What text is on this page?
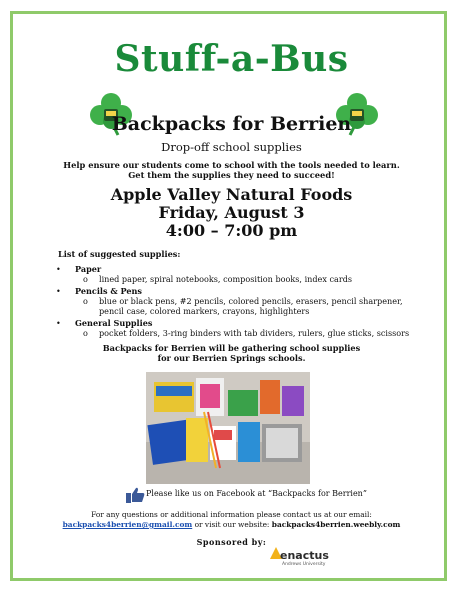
Stuff-a-Bus
Backpacks for Berrien
Drop-off school supplies
Help ensure our students come to school with the tools needed to learn.
Get them the supplies they need to succeed!
Apple Valley Natural Foods
Friday, August 3
4:00 – 7:00 pm
List of suggested supplies:
• Paper
o lined paper, spiral notebooks, composition books, index cards
• Pencils & Pens
o blue or black pens, #2 pencils, colored pencils, erasers, pencil sharpener, pencil case, colored markers, crayons, highlighters
• General Supplies
o pocket folders, 3-ring binders with tab dividers, rulers, glue sticks, scissors
Backpacks for Berrien will be gathering school supplies
for our Berrien Springs schools.
Please like us on Facebook at “Backpacks for Berrien”
For any questions or additional information please contact us at our email:
backpacks4berrien@gmail.com or visit our website: backpacks4berrien.weebly.com
Sponsored by:
enactus
Andrews University
